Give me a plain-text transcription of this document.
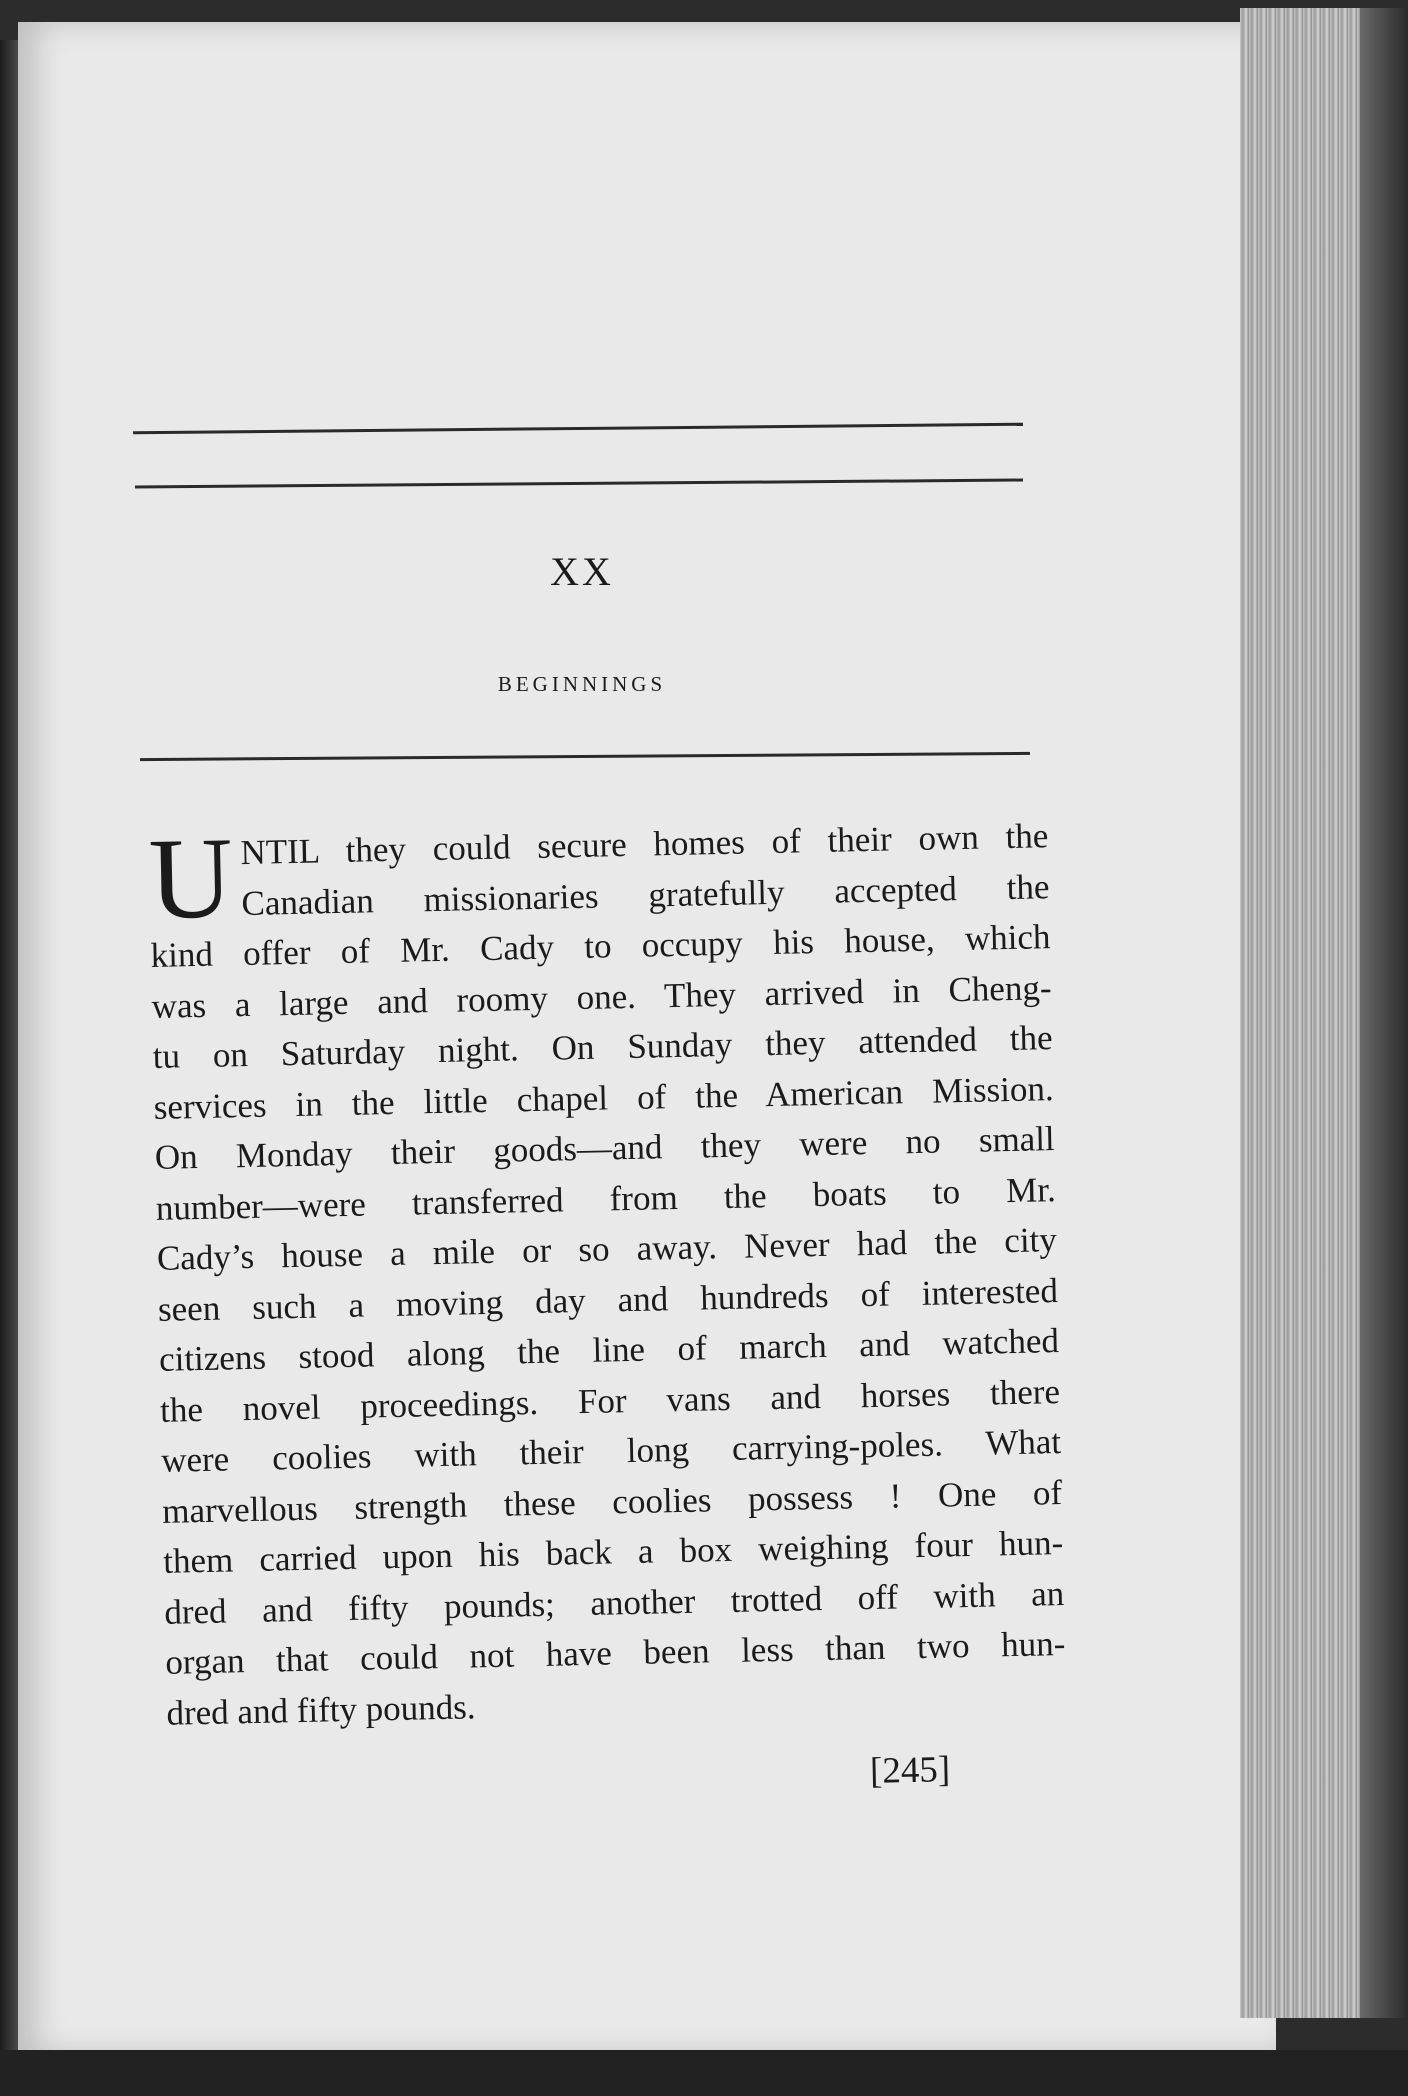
XX
BEGINNINGS
U NTIL they could secure homes of their own the
Canadian missionaries gratefully accepted the
kind offer of Mr. Cady to occupy his house, which
was a large and roomy one. They arrived in Cheng-
tu on Saturday night. On Sunday they attended the
services in the little chapel of the American Mission.
On Monday their goods—and they were no small
number—were transferred from the boats to Mr.
Cady’s house a mile or so away. Never had the city
seen such a moving day and hundreds of interested
citizens stood along the line of march and watched
the novel proceedings. For vans and horses there
were coolies with their long carrying-poles. What
marvellous strength these coolies possess ! One of
them carried upon his back a box weighing four hun-
dred and fifty pounds; another trotted off with an
organ that could not have been less than two hun-
dred and fifty pounds.
[245]
